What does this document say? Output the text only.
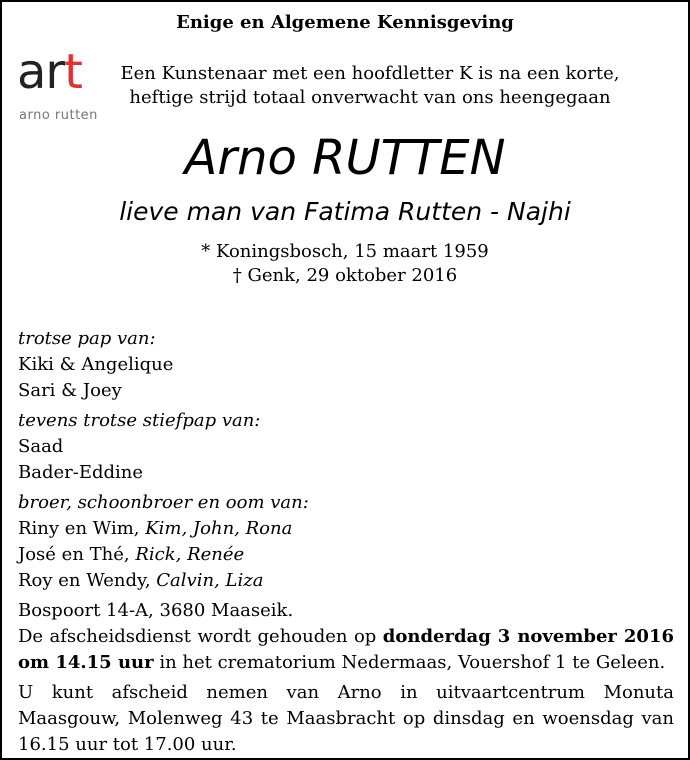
Enige en Algemene Kennisgeving
art
arno rutten
Een Kunstenaar met een hoofdletter K is na een korte,
heftige strijd totaal onverwacht van ons heengegaan
Arno RUTTEN
lieve man van Fatima Rutten - Najhi
* Koningsbosch, 15 maart 1959
† Genk, 29 oktober 2016
trotse pap van:
Kiki & Angelique
Sari & Joey
tevens trotse stiefpap van:
Saad
Bader-Eddine
broer, schoonbroer en oom van:
Riny en Wim, Kim, John, Rona
José en Thé, Rick, Renée
Roy en Wendy, Calvin, Liza
Bospoort 14-A, 3680 Maaseik.
De afscheidsdienst wordt gehouden op donderdag 3 november 2016 om 14.15 uur in het crematorium Nedermaas, Vouershof 1 te Geleen.
U kunt afscheid nemen van Arno in uitvaartcentrum Monuta Maasgouw, Molenweg 43 te Maasbracht op dinsdag en woensdag van 16.15 uur tot 17.00 uur.
